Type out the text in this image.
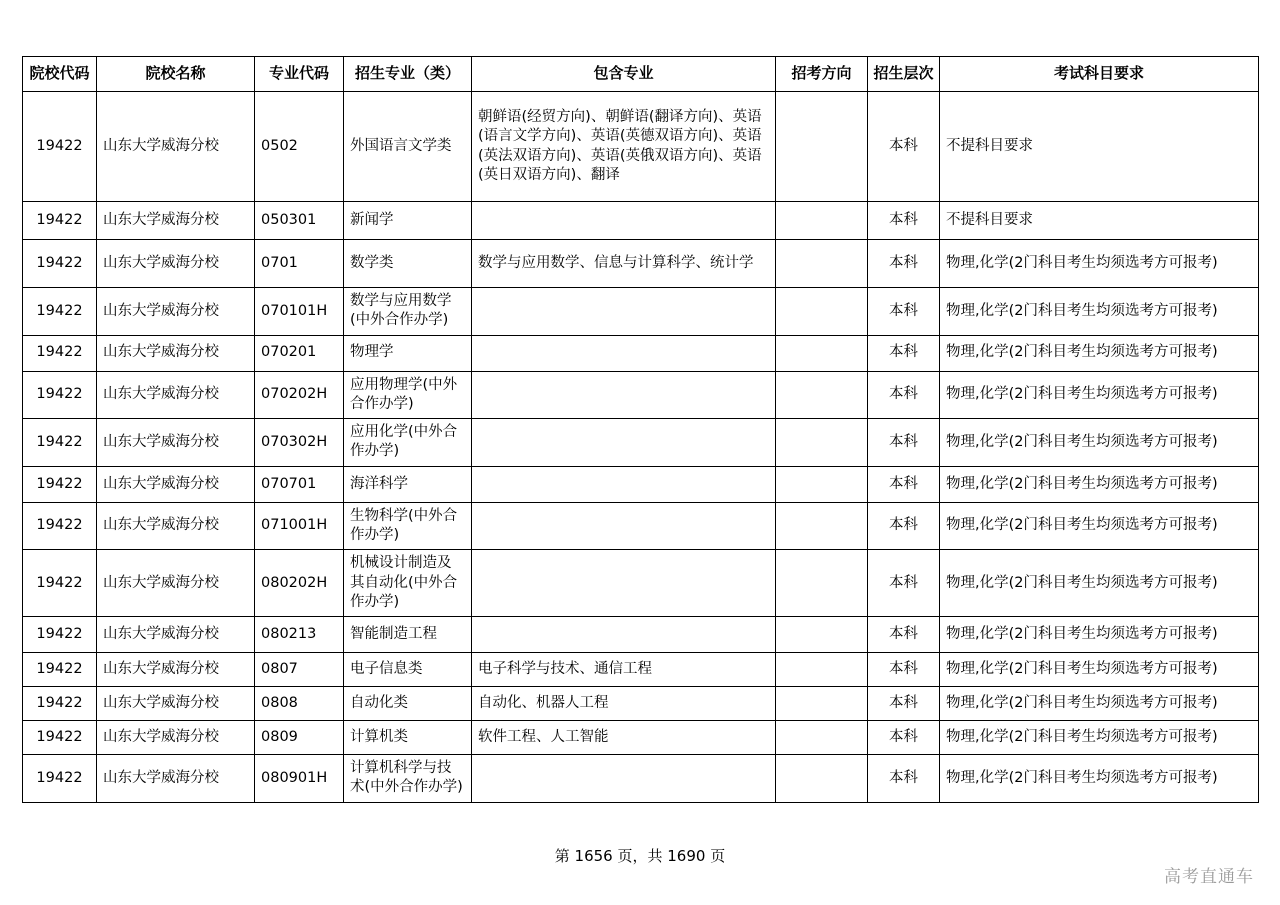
院校代码	院校名称	专业代码	招生专业（类）	包含专业	招考方向	招生层次	考试科目要求
19422	山东大学威海分校	0502	外国语言文学类	朝鲜语(经贸方向)、朝鲜语(翻译方向)、英语(语言文学方向)、英语(英德双语方向)、英语(英法双语方向)、英语(英俄双语方向)、英语(英日双语方向)、翻译		本科	不提科目要求
19422	山东大学威海分校	050301	新闻学			本科	不提科目要求
19422	山东大学威海分校	0701	数学类	数学与应用数学、信息与计算科学、统计学		本科	物理,化学(2门科目考生均须选考方可报考)
19422	山东大学威海分校	070101H	数学与应用数学(中外合作办学)			本科	物理,化学(2门科目考生均须选考方可报考)
19422	山东大学威海分校	070201	物理学			本科	物理,化学(2门科目考生均须选考方可报考)
19422	山东大学威海分校	070202H	应用物理学(中外合作办学)			本科	物理,化学(2门科目考生均须选考方可报考)
19422	山东大学威海分校	070302H	应用化学(中外合作办学)			本科	物理,化学(2门科目考生均须选考方可报考)
19422	山东大学威海分校	070701	海洋科学			本科	物理,化学(2门科目考生均须选考方可报考)
19422	山东大学威海分校	071001H	生物科学(中外合作办学)			本科	物理,化学(2门科目考生均须选考方可报考)
19422	山东大学威海分校	080202H	机械设计制造及其自动化(中外合作办学)			本科	物理,化学(2门科目考生均须选考方可报考)
19422	山东大学威海分校	080213	智能制造工程			本科	物理,化学(2门科目考生均须选考方可报考)
19422	山东大学威海分校	0807	电子信息类	电子科学与技术、通信工程		本科	物理,化学(2门科目考生均须选考方可报考)
19422	山东大学威海分校	0808	自动化类	自动化、机器人工程		本科	物理,化学(2门科目考生均须选考方可报考)
19422	山东大学威海分校	0809	计算机类	软件工程、人工智能		本科	物理,化学(2门科目考生均须选考方可报考)
19422	山东大学威海分校	080901H	计算机科学与技术(中外合作办学)			本科	物理,化学(2门科目考生均须选考方可报考)
第 1656 页，共 1690 页
高考直通车
